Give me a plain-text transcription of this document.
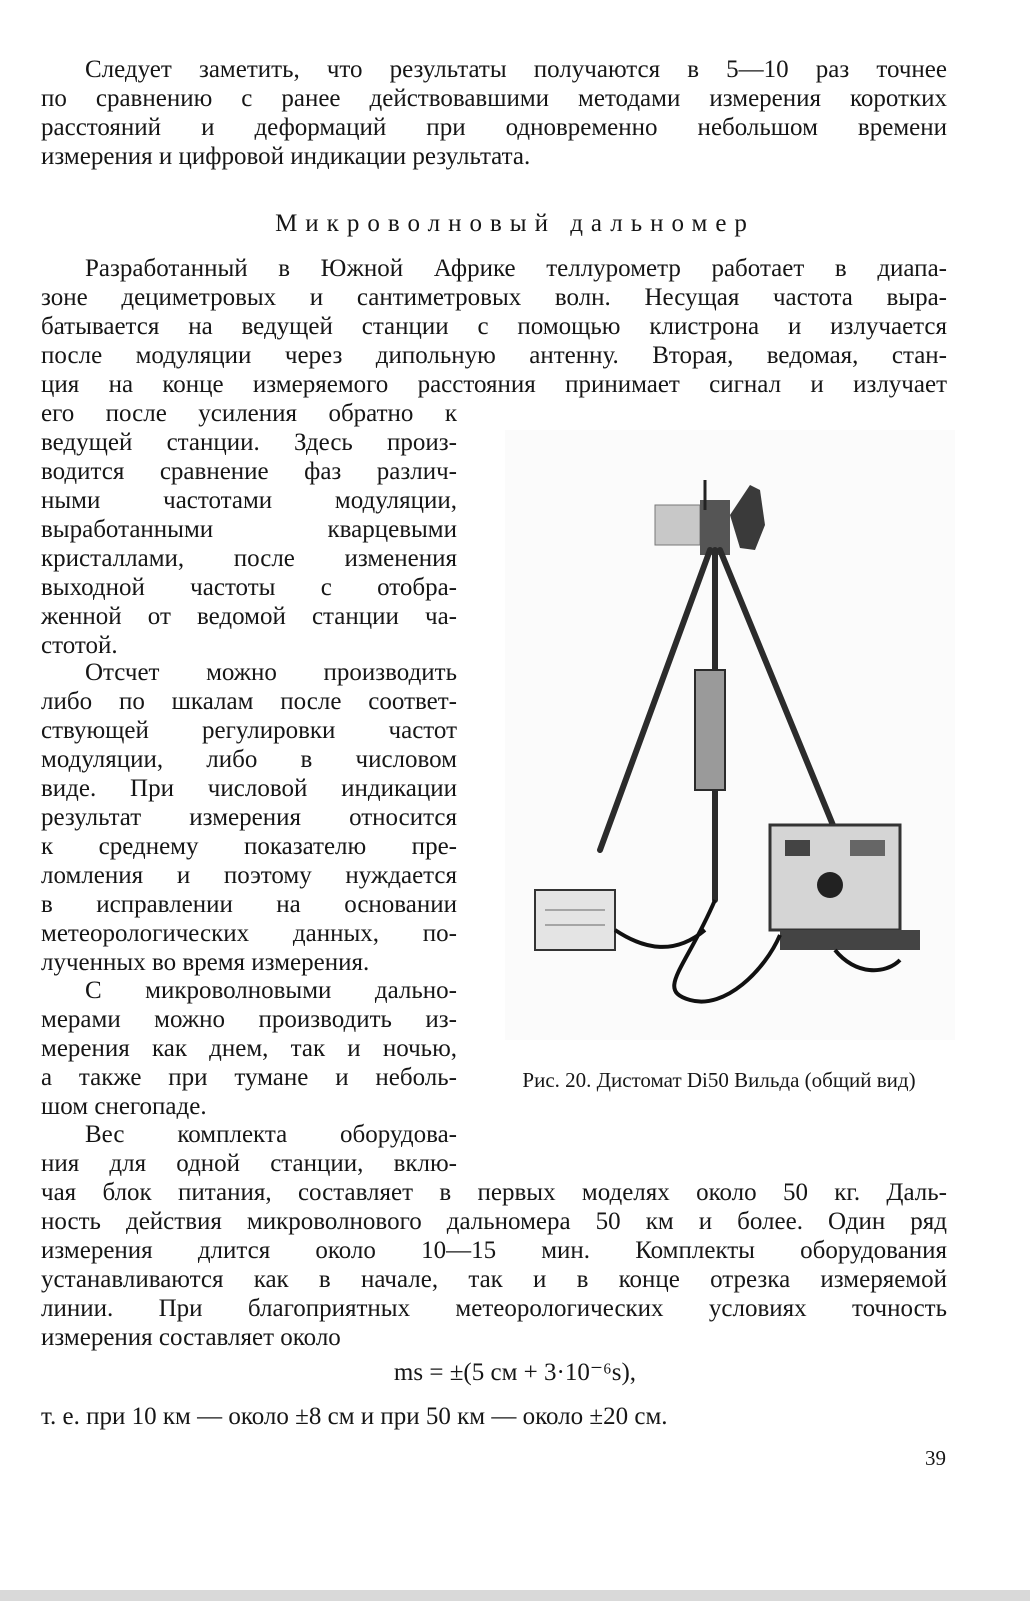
Следует заметить, что результаты получаются в 5—10 раз точнее
по сравнению с ранее действовавшими методами измерения коротких
расстояний и деформаций при одновременно небольшом времени
измерения и цифровой индикации результата.
Микроволновый дальномер
Разработанный в Южной Африке теллурометр работает в диапа-
зоне дециметровых и сантиметровых волн. Несущая частота выра-
батывается на ведущей станции с помощью клистрона и излучается
после модуляции через дипольную антенну. Вторая, ведомая, стан-
ция на конце измеряемого расстояния принимает сигнал и излучает
его после усиления обратно к
ведущей станции. Здесь произ-
водится сравнение фаз различ-
ными частотами модуляции,
выработанными кварцевыми
кристаллами, после изменения
выходной частоты с отобра-
женной от ведомой станции ча-
стотой.
Отсчет можно производить
либо по шкалам после соответ-
ствующей регулировки частот
модуляции, либо в числовом
виде. При числовой индикации
результат измерения относится
к среднему показателю пре-
ломления и поэтому нуждается
в исправлении на основании
метеорологических данных, по-
лученных во время измерения.
С микроволновыми дально-
мерами можно производить из-
мерения как днем, так и ночью,
а также при тумане и неболь-
шом снегопаде.
Вес комплекта оборудова-
ния для одной станции, вклю-
чая блок питания, составляет в первых моделях около 50 кг. Даль-
ность действия микроволнового дальномера 50 км и более. Один ряд
измерения длится около 10—15 мин. Комплекты оборудования
устанавливаются как в начале, так и в конце отрезка измеряемой
линии. При благоприятных метеорологических условиях точность
измерения составляет около
ms = ±(5 см + 3·10⁻⁶s),
т. е. при 10 км — около ±8 см и при 50 км — около ±20 см.
Рис. 20. Дистомат Di50 Вильда (общий вид)
39
